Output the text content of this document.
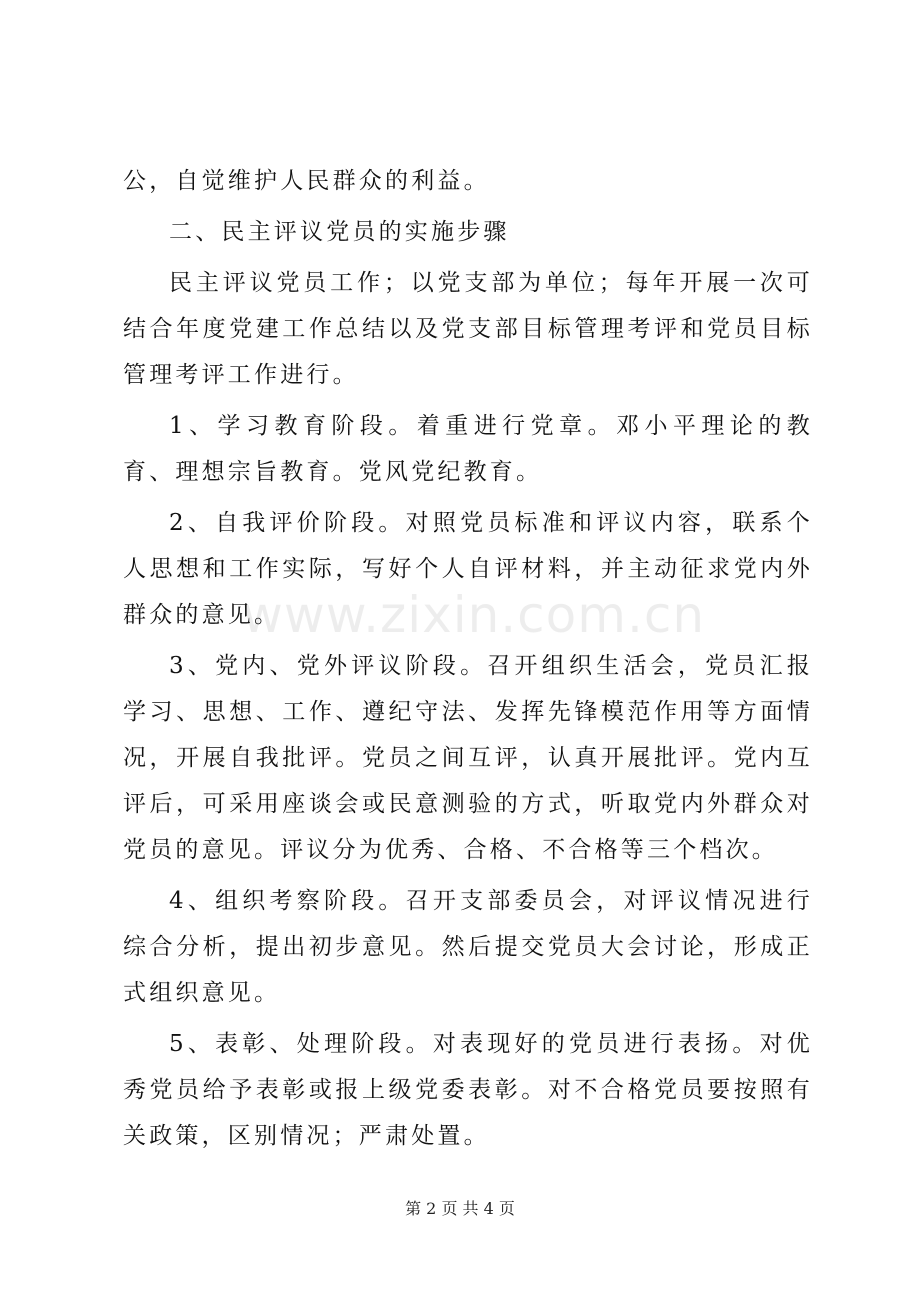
公，自觉维护人民群众的利益。

二、民主评议党员的实施步骤

民主评议党员工作；以党支部为单位；每年开展一次可结合年度党建工作总结以及党支部目标管理考评和党员目标管理考评工作进行。

1、学习教育阶段。着重进行党章。邓小平理论的教育、理想宗旨教育。党风党纪教育。

2、自我评价阶段。对照党员标准和评议内容，联系个人思想和工作实际，写好个人自评材料，并主动征求党内外群众的意见。

3、党内、党外评议阶段。召开组织生活会，党员汇报学习、思想、工作、遵纪守法、发挥先锋模范作用等方面情况，开展自我批评。党员之间互评，认真开展批评。党内互评后，可采用座谈会或民意测验的方式，听取党内外群众对党员的意见。评议分为优秀、合格、不合格等三个档次。

4、组织考察阶段。召开支部委员会，对评议情况进行综合分析，提出初步意见。然后提交党员大会讨论，形成正式组织意见。

5、表彰、处理阶段。对表现好的党员进行表扬。对优秀党员给予表彰或报上级党委表彰。对不合格党员要按照有关政策，区别情况；严肃处置。

www.zixin.com.cn
第 2 页 共 4 页
